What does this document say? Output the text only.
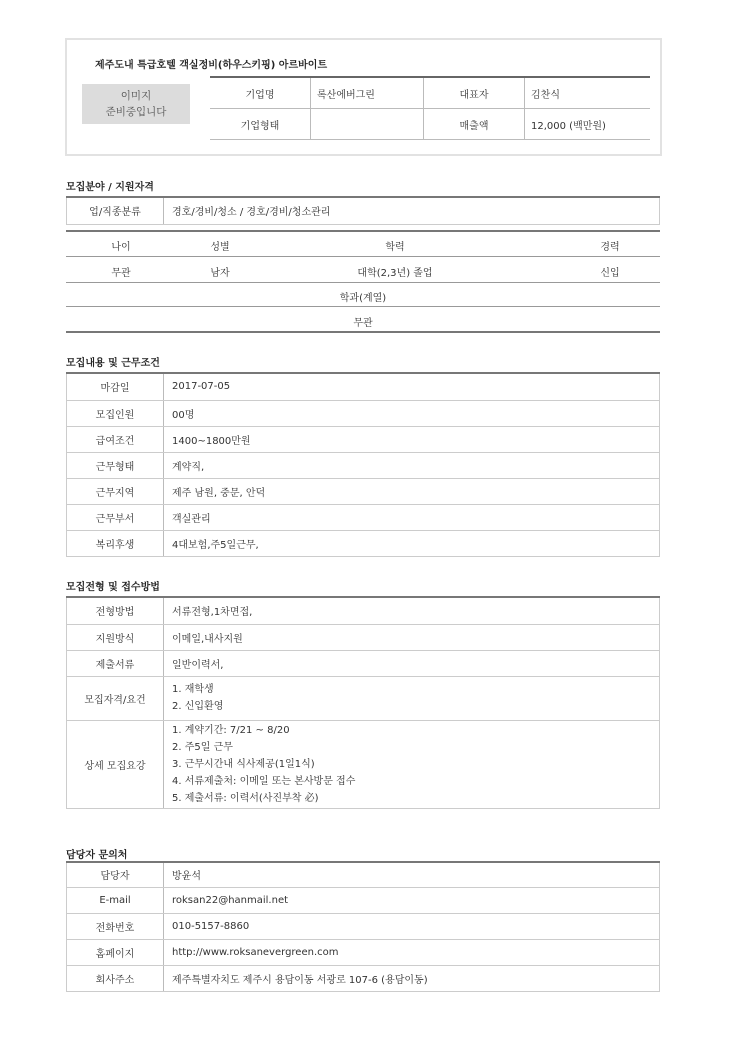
제주도내 특급호텔 객실정비(하우스키핑) 아르바이트
이미지
준비중입니다
기업명	록산에버그린	대표자	김찬식
기업형태		매출액	12,000 (백만원)
모집분야 / 지원자격
업/직종분류	경호/경비/청소 / 경호/경비/청소관리
나이	성별	학력	경력
무관	남자	대학(2,3년) 졸업	신입
학과(계열)
무관
모집내용 및 근무조건
마감일	2017-07-05
모집인원	00명
급여조건	1400~1800만원
근무형태	계약직,
근무지역	제주 남원, 중문, 안덕
근무부서	객실관리
복리후생	4대보험,주5일근무,
모집전형 및 접수방법
전형방법	서류전형,1차면접,
지원방식	이메일,내사지원
제출서류	일반이력서,
모집자격/요건	1. 재학생
2. 신입환영

상세 모집요강	1. 계약기간: 7/21 ~ 8/20
2. 주5일 근무
3. 근무시간내 식사제공(1일1식)
4. 서류제출처: 이메일 또는 본사방문 접수
5. 제출서류: 이력서(사진부착 必)
담당자 문의처
담당자	방윤석
E-mail	roksan22@hanmail.net
전화번호	010-5157-8860
홈페이지	http://www.roksanevergreen.com
회사주소	제주특별자치도 제주시 용담이동 서광로 107-6 (용담이동)
